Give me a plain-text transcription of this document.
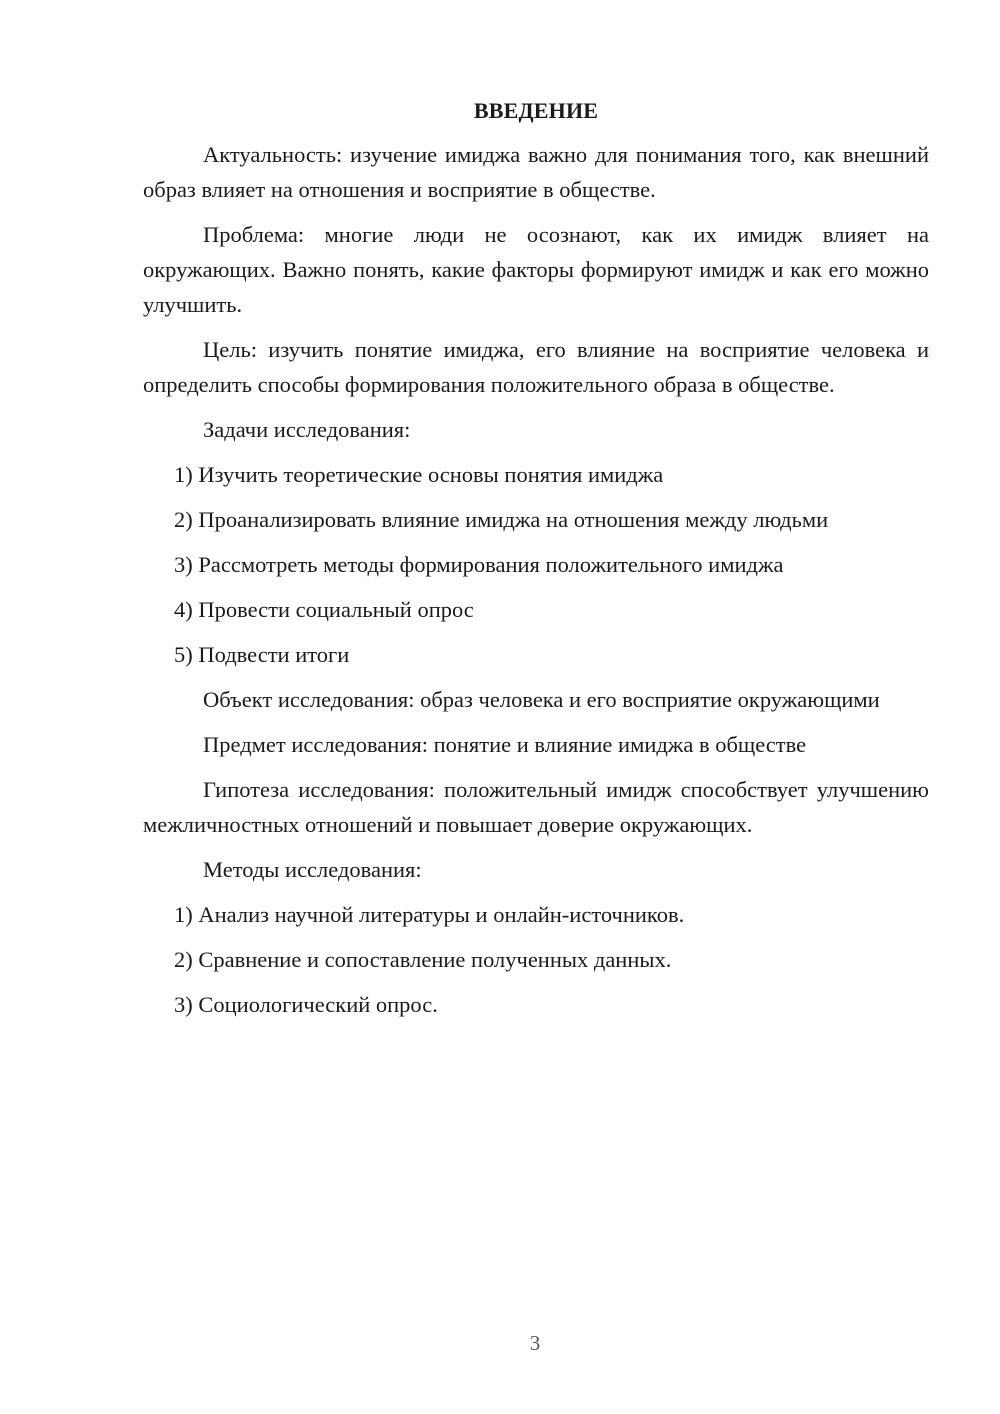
ВВЕДЕНИЕ

Актуальность: изучение имиджа важно для понимания того, как внешний образ влияет на отношения и восприятие в обществе.

Проблема: многие люди не осознают, как их имидж влияет на окружающих. Важно понять, какие факторы формируют имидж и как его можно улучшить.

Цель: изучить понятие имиджа, его влияние на восприятие человека и определить способы формирования положительного образа в обществе.

Задачи исследования:

1) Изучить теоретические основы понятия имиджа

2) Проанализировать влияние имиджа на отношения между людьми

3) Рассмотреть методы формирования положительного имиджа

4) Провести социальный опрос

5) Подвести итоги

Объект исследования: образ человека и его восприятие окружающими

Предмет исследования: понятие и влияние имиджа в обществе

Гипотеза исследования: положительный имидж способствует улучшению межличностных отношений и повышает доверие окружающих.

Методы исследования:

1) Анализ научной литературы и онлайн-источников.

2) Сравнение и сопоставление полученных данных.

3) Социологический опрос.

3
